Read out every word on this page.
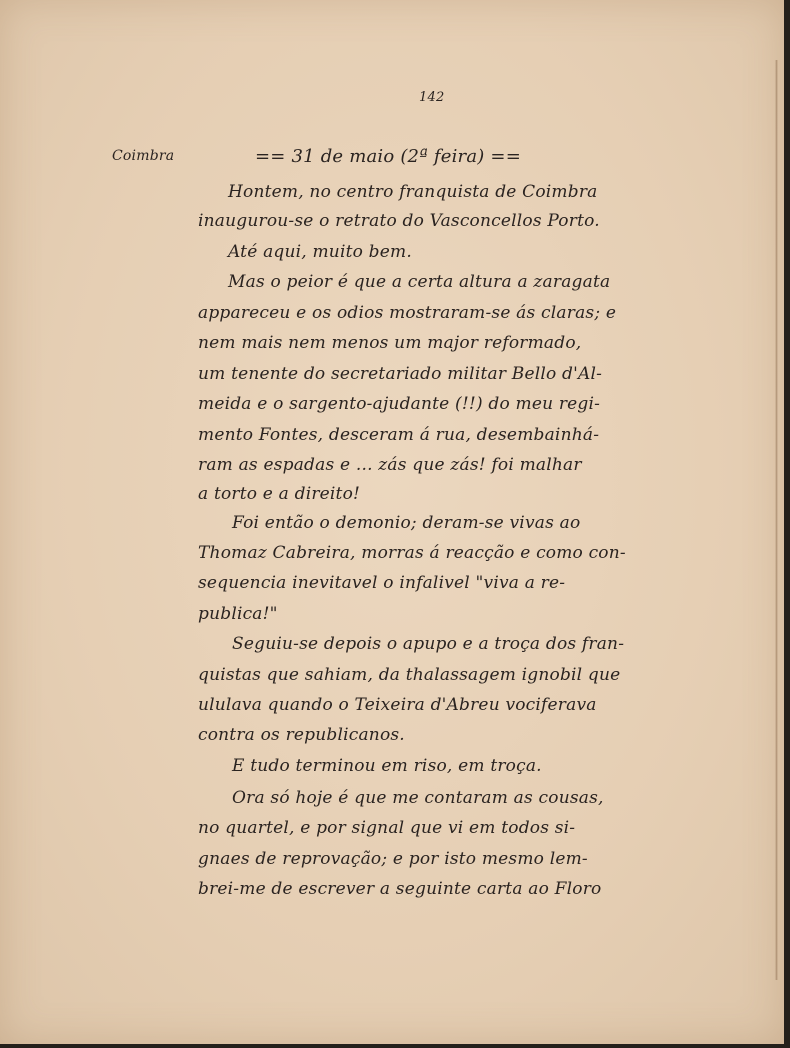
142
Coimbra	== 31 de maio (2ª feira) ==
Hontem, no centro franquista de Coimbra
inaugurou-se o retrato do Vasconcellos Porto.
Até aqui, muito bem.
Mas o peior é que a certa altura a zaragata
appareceu e os odios mostraram-se ás claras; e
nem mais nem menos um major reformado,
um tenente do secretariado militar Bello d'Al-
meida e o sargento-ajudante (!!) do meu regi-
mento Fontes, desceram á rua, desembainhá-
ram as espadas e ... zás que zás! foi malhar
a torto e a direito!
Foi então o demonio; deram-se vivas ao
Thomaz Cabreira, morras á reacção e como con-
sequencia inevitavel o infalivel "viva a re-
publica!"
Seguiu-se depois o apupo e a troça dos fran-
quistas que sahiam, da thalassagem ignobil que
ululava quando o Teixeira d'Abreu vociferava
contra os republicanos.
E tudo terminou em riso, em troça.
Ora só hoje é que me contaram as cousas,
no quartel, e por signal que vi em todos si-
gnaes de reprovação; e por isto mesmo lem-
brei-me de escrever a seguinte carta ao Floro
